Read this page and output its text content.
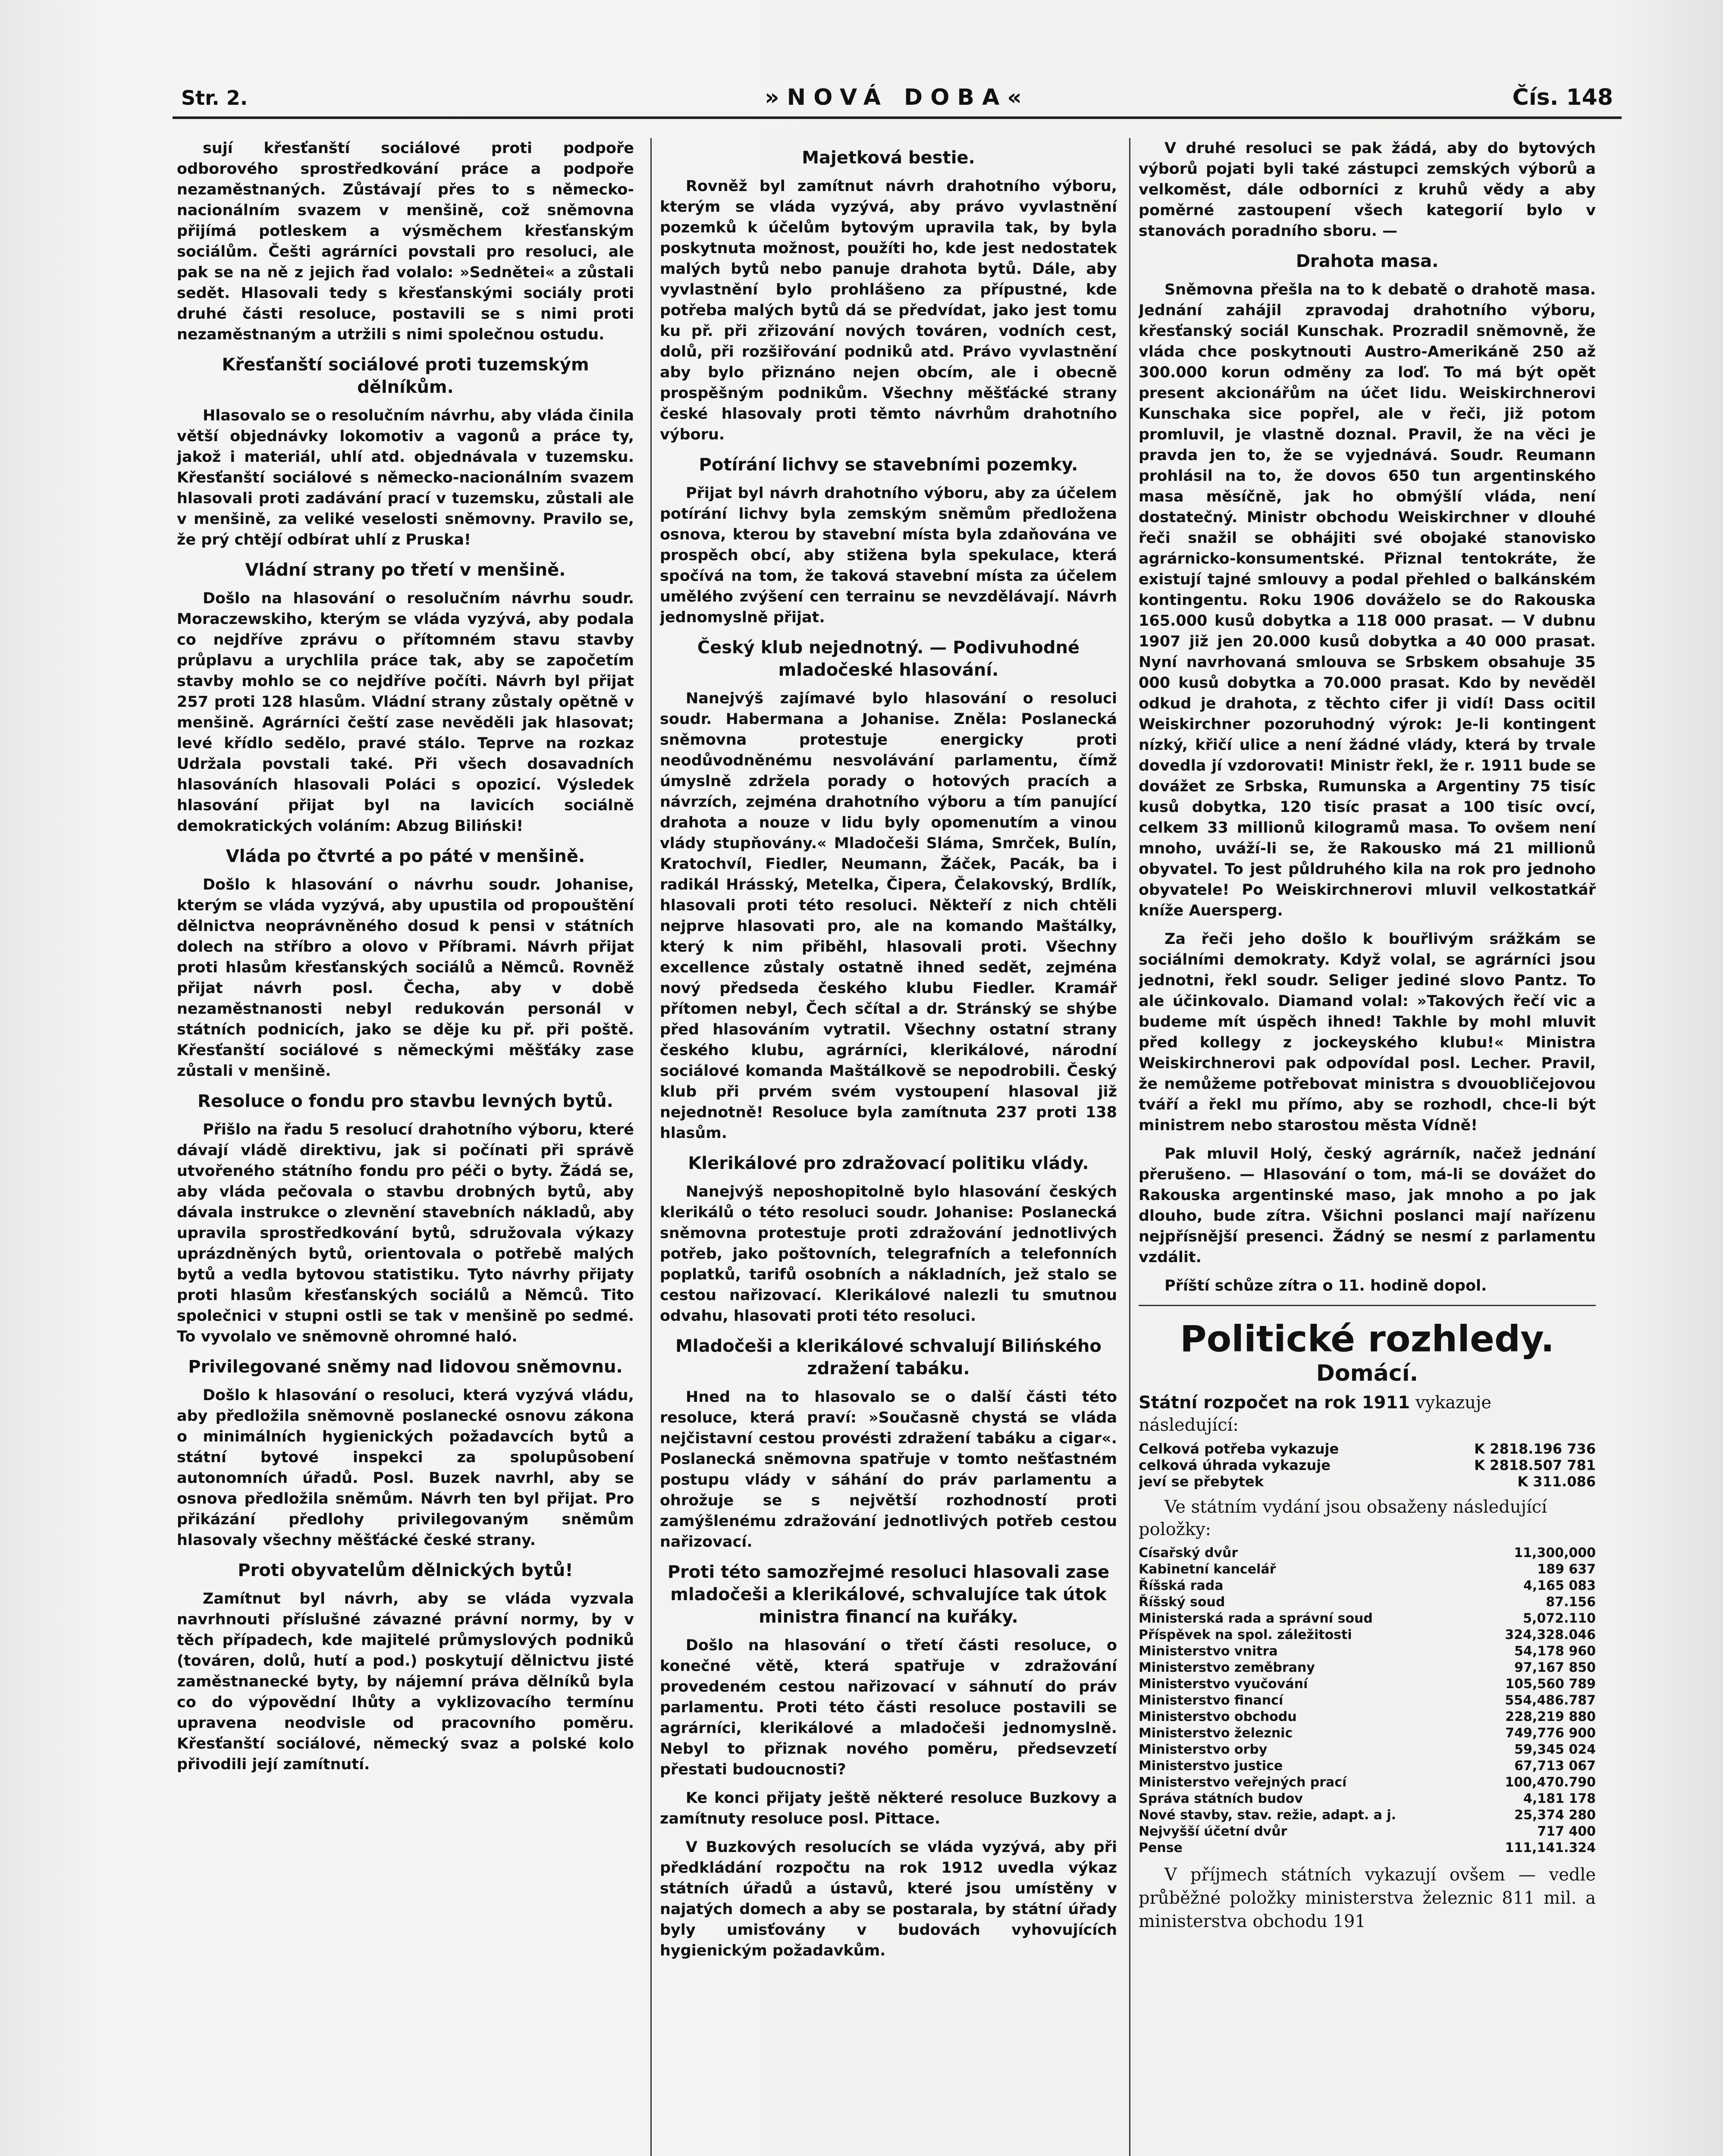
Str. 2.	»NOVÁ DOBA«	Čís. 148

sují křesťanští sociálové proti podpoře odborového sprostředkování práce a podpoře nezaměstnaných. Zůstávají přes to s německo-nacionálním svazem v menšině, což sněmovna přijímá potleskem a výsměchem křesťanským sociálům. Češti agrárníci povstali pro resoluci, ale pak se na ně z jejich řad volalo: »Sednětei« a zůstali sedět. Hlasovali tedy s křesťanskými sociály proti druhé části resoluce, postavili se s nimi proti nezaměstnaným a utržili s nimi společnou ostudu.

Křesťanští sociálové proti tuzemským dělníkům.

Hlasovalo se o resolučním návrhu, aby vláda činila větší objednávky lokomotiv a vagonů a práce ty, jakož i materiál, uhlí atd. objednávala v tuzemsku. Křesťanští sociálové s německo-nacionálním svazem hlasovali proti zadávání prací v tuzemsku, zůstali ale v menšině, za veliké veselosti sněmovny. Pravilo se, že prý chtějí odbírat uhlí z Pruska!

Vládní strany po třetí v menšině.

Došlo na hlasování o resolučním návrhu soudr. Moraczewskiho, kterým se vláda vyzývá, aby podala co nejdříve zprávu o přítomném stavu stavby průplavu a urychlila práce tak, aby se započetím stavby mohlo se co nejdříve počíti. Návrh byl přijat 257 proti 128 hlasům. Vládní strany zůstaly opětně v menšině. Agrárníci čeští zase nevěděli jak hlasovat; levé křídlo sedělo, pravé stálo. Teprve na rozkaz Udržala povstali také. Při všech dosavadních hlasováních hlasovali Poláci s opozicí. Výsledek hlasování přijat byl na lavicích sociálně demokratických voláním: Abzug Biliński!

Vláda po čtvrté a po páté v menšině.

Došlo k hlasování o návrhu soudr. Johanise, kterým se vláda vyzývá, aby upustila od propouštění dělnictva neoprávněného dosud k pensi v státních dolech na stříbro a olovo v Příbrami. Návrh přijat proti hlasům křesťanských sociálů a Němců. Rovněž přijat návrh posl. Čecha, aby v době nezaměstnanosti nebyl redukován personál v státních podnicích, jako se děje ku př. při poště. Křesťanští sociálové s německými měšťáky zase zůstali v menšině.

Resoluce o fondu pro stavbu levných bytů.

Přišlo na řadu 5 resolucí drahotního výboru, které dávají vládě direktivu, jak si počínati při správě utvořeného státního fondu pro péči o byty. Žádá se, aby vláda pečovala o stavbu drobných bytů, aby dávala instrukce o zlevnění stavebních nákladů, aby upravila sprostředkování bytů, sdružovala výkazy uprázdněných bytů, orientovala o potřebě malých bytů a vedla bytovou statistiku. Tyto návrhy přijaty proti hlasům křesťanských sociálů a Němců. Tito společnici v stupni ostli se tak v menšině po sedmé. To vyvolalo ve sněmovně ohromné haló.

Privilegované sněmy nad lidovou sněmovnu.

Došlo k hlasování o resoluci, která vyzývá vládu, aby předložila sněmovně poslanecké osnovu zákona o minimálních hygienických požadavcích bytů a státní bytové inspekci za spolupůsobení autonomních úřadů. Posl. Buzek navrhl, aby se osnova předložila sněmům. Návrh ten byl přijat. Pro přikázání předlohy privilegovaným sněmům hlasovaly všechny měšťácké české strany.

Proti obyvatelům dělnických bytů!

Zamítnut byl návrh, aby se vláda vyzvala navrhnouti příslušné závazné právní normy, by v těch případech, kde majitelé průmyslových podniků (továren, dolů, hutí a pod.) poskytují dělnictvu jisté zaměstnanecké byty, by nájemní práva dělníků byla co do výpovědní lhůty a vyklizovacího termínu upravena neodvisle od pracovního poměru. Křesťanští sociálové, německý svaz a polské kolo přivodili její zamítnutí.

Majetková bestie.

Rovněž byl zamítnut návrh drahotního výboru, kterým se vláda vyzývá, aby právo vyvlastnění pozemků k účelům bytovým upravila tak, by byla poskytnuta možnost, použíti ho, kde jest nedostatek malých bytů nebo panuje drahota bytů. Dále, aby vyvlastnění bylo prohlášeno za přípustné, kde potřeba malých bytů dá se předvídat, jako jest tomu ku př. při zřizování nových továren, vodních cest, dolů, při rozšiřování podniků atd. Právo vyvlastnění aby bylo přiznáno nejen obcím, ale i obecně prospěšným podnikům. Všechny měšťácké strany české hlasovaly proti těmto návrhům drahotního výboru.

Potírání lichvy se stavebními pozemky.

Přijat byl návrh drahotního výboru, aby za účelem potírání lichvy byla zemským sněmům předložena osnova, kterou by stavební místa byla zdaňována ve prospěch obcí, aby stižena byla spekulace, která spočívá na tom, že taková stavební místa za účelem umělého zvýšení cen terrainu se nevzdělávají. Návrh jednomyslně přijat.

Český klub nejednotný. — Podivuhodné mladočeské hlasování.

Nanejvýš zajímavé bylo hlasování o resoluci soudr. Habermana a Johanise. Zněla: Poslanecká sněmovna protestuje energicky proti neodůvodněnému nesvolávání parlamentu, čímž úmyslně zdržela porady o hotových pracích a návrzích, zejména drahotního výboru a tím panující drahota a nouze v lidu byly opomenutím a vinou vlády stupňovány.« Mladočeši Sláma, Smrček, Bulín, Kratochvíl, Fiedler, Neumann, Žáček, Pacák, ba i radikál Hrásský, Metelka, Čipera, Čelakovský, Brdlík, hlasovali proti této resoluci. Někteří z nich chtěli nejprve hlasovati pro, ale na komando Maštálky, který k nim přiběhl, hlasovali proti. Všechny excellence zůstaly ostatně ihned sedět, zejména nový předseda českého klubu Fiedler. Kramář přítomen nebyl, Čech sčítal a dr. Stránský se shýbe před hlasováním vytratil. Všechny ostatní strany českého klubu, agrárníci, klerikálové, národní sociálové komanda Maštálkově se nepodrobili. Český klub při prvém svém vystoupení hlasoval již nejednotně! Resoluce byla zamítnuta 237 proti 138 hlasům.

Klerikálové pro zdražovací politiku vlády.

Nanejvýš neposhopitolně bylo hlasování českých klerikálů o této resoluci soudr. Johanise: Poslanecká sněmovna protestuje proti zdražování jednotlivých potřeb, jako poštovních, telegrafních a telefonních poplatků, tarifů osobních a nákladních, jež stalo se cestou nařizovací. Klerikálové nalezli tu smutnou odvahu, hlasovati proti této resoluci.

Mladočeši a klerikálové schvalují Bilińského zdražení tabáku.

Hned na to hlasovalo se o další části této resoluce, která praví: »Současně chystá se vláda nejčistavní cestou provésti zdražení tabáku a cigar«. Poslanecká sněmovna spatřuje v tomto nešťastném postupu vlády v sáhání do práv parlamentu a ohrožuje se s největší rozhodností proti zamýšlenému zdražování jednotlivých potřeb cestou nařizovací.

Proti této samozřejmé resoluci hlasovali zase mladočeši a klerikálové, schvalujíce tak útok ministra financí na kuřáky.

Došlo na hlasování o třetí části resoluce, o konečné větě, která spatřuje v zdražování provedeném cestou nařizovací v sáhnutí do práv parlamentu. Proti této části resoluce postavili se agrárníci, klerikálové a mladočeši jednomyslně. Nebyl to přiznak nového poměru, předsevzetí přestati budoucnosti?

Ke konci přijaty ještě některé resoluce Buzkovy a zamítnuty resoluce posl. Pittace.

V Buzkových resolucích se vláda vyzývá, aby při předkládání rozpočtu na rok 1912 uvedla výkaz státních úřadů a ústavů, které jsou umístěny v najatých domech a aby se postarala, by státní úřady byly umisťovány v budovách vyhovujících hygienickým požadavkům.

V druhé resoluci se pak žádá, aby do bytových výborů pojati byli také zástupci zemských výborů a velkoměst, dále odborníci z kruhů vědy a aby poměrné zastoupení všech kategorií bylo v stanovách poradního sboru. —

Drahota masa.

Sněmovna přešla na to k debatě o drahotě masa. Jednání zahájil zpravodaj drahotního výboru, křesťanský sociál Kunschak. Prozradil sněmovně, že vláda chce poskytnouti Austro-Amerikáně 250 až 300.000 korun odměny za loď. To má být opět present akcionářům na účet lidu. Weiskirchnerovi Kunschaka sice popřel, ale v řeči, již potom promluvil, je vlastně doznal. Pravil, že na věci je pravda jen to, že se vyjednává. Soudr. Reumann prohlásil na to, že dovos 650 tun argentinského masa měsíčně, jak ho obmýšlí vláda, není dostatečný. Ministr obchodu Weiskirchner v dlouhé řeči snažil se obhájiti své obojaké stanovisko agrárnicko-konsumentské. Přiznal tentokráte, že existují tajné smlouvy a podal přehled o balkánském kontingentu. Roku 1906 dováželo se do Rakouska 165.000 kusů dobytka a 118 000 prasat. — V dubnu 1907 již jen 20.000 kusů dobytka a 40 000 prasat. Nyní navrhovaná smlouva se Srbskem obsahuje 35 000 kusů dobytka a 70.000 prasat. Kdo by nevěděl odkud je drahota, z těchto cifer ji vidí! Dass ocitil Weiskirchner pozoruhodný výrok: Je-li kontingent nízký, křičí ulice a není žádné vlády, která by trvale dovedla jí vzdorovati! Ministr řekl, že r. 1911 bude se dovážet ze Srbska, Rumunska a Argentiny 75 tisíc kusů dobytka, 120 tisíc prasat a 100 tisíc ovcí, celkem 33 millionů kilogramů masa. To ovšem není mnoho, uváží-li se, že Rakousko má 21 millionů obyvatel. To jest půldruhého kila na rok pro jednoho obyvatele! Po Weiskirchnerovi mluvil velkostatkář kníže Auersperg.

Za řeči jeho došlo k bouřlivým srážkám se sociálními demokraty. Když volal, se agrárníci jsou jednotni, řekl soudr. Seliger jediné slovo Pantz. To ale účinkovalo. Diamand volal: »Takových řečí vic a budeme mít úspěch ihned! Takhle by mohl mluvit před kollegy z jockeyského klubu!« Ministra Weiskirchnerovi pak odpovídal posl. Lecher. Pravil, že nemůžeme potřebovat ministra s dvouobličejovou tváří a řekl mu přímo, aby se rozhodl, chce-li být ministrem nebo starostou města Vídně!

Pak mluvil Holý, český agrárník, načež jednání přerušeno. — Hlasování o tom, má-li se dovážet do Rakouska argentinské maso, jak mnoho a po jak dlouho, bude zítra. Všichni poslanci mají nařízenu nejpřísnější presenci. Žádný se nesmí z parlamentu vzdálit.

Příští schůze zítra o 11. hodině dopol.

Politické rozhledy.
Domácí.
Státní rozpočet na rok 1911 vykazuje následující:
Celková potřeba vykazuje	K 2818.196 736
celková úhrada vykazuje	K 2818.507 781
jeví se přebytek	K 311.086
Ve státním vydání jsou obsaženy následující položky:
Císařský dvůr	11,300,000
Kabinetní kancelář	189 637
Říšská rada	4,165 083
Říšský soud	87.156
Ministerská rada a správní soud	5,072.110
Příspěvek na spol. záležitosti	324,328.046
Ministerstvo vnitra	54,178 960
Ministerstvo zeměbrany	97,167 850
Ministerstvo vyučování	105,560 789
Ministerstvo financí	554,486.787
Ministerstvo obchodu	228,219 880
Ministerstvo železnic	749,776 900
Ministerstvo orby	59,345 024
Ministerstvo justice	67,713 067
Ministerstvo veřejných prací	100,470.790
Správa státních budov	4,181 178
Nové stavby, stav. režie, adapt. a j.	25,374 280
Nejvyšší účetní dvůr	717 400
Pense	111,141.324

V příjmech státních vykazují ovšem — vedle průběžné položky ministerstva železnic 811 mil. a ministerstva obchodu 191
